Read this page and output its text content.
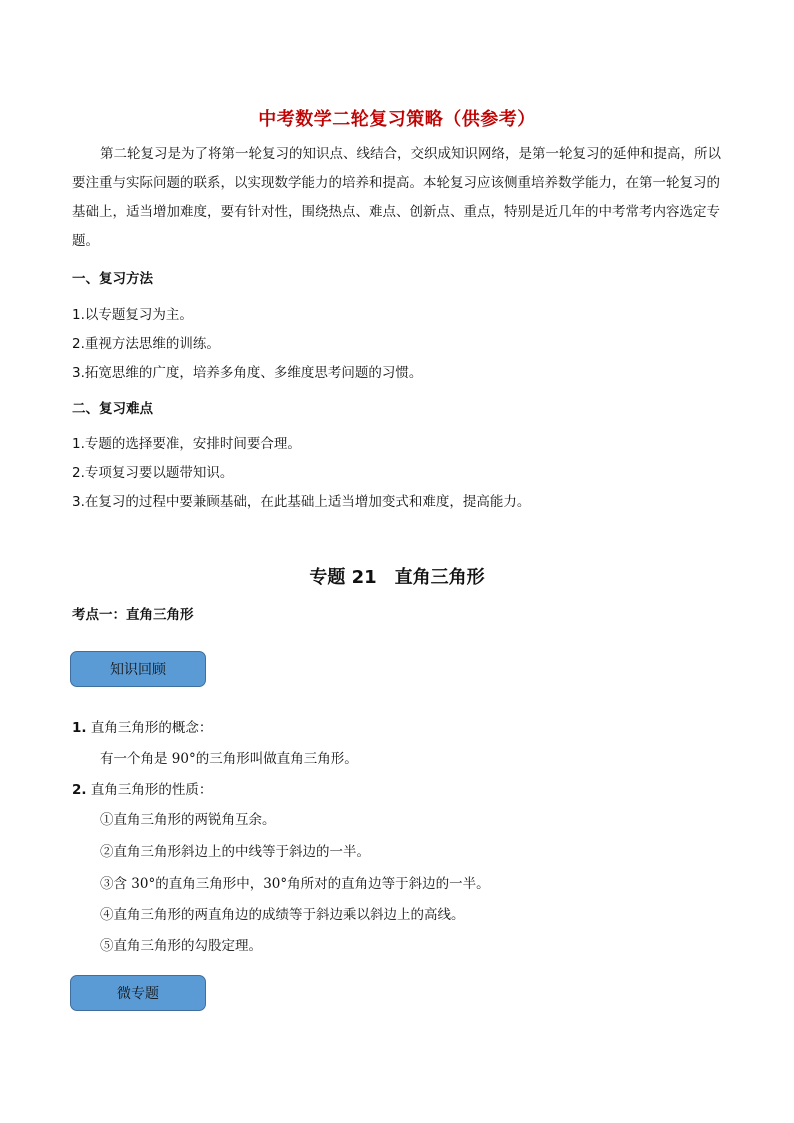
中考数学二轮复习策略（供参考）

第二轮复习是为了将第一轮复习的知识点、线结合，交织成知识网络，是第一轮复习的延伸和提高，所以要注重与实际问题的联系，以实现数学能力的培养和提高。本轮复习应该侧重培养数学能力，在第一轮复习的基础上，适当增加难度，要有针对性，围绕热点、难点、创新点、重点，特别是近几年的中考常考内容选定专题。

一、复习方法
1.以专题复习为主。
2.重视方法思维的训练。
3.拓宽思维的广度，培养多角度、多维度思考问题的习惯。
二、复习难点
1.专题的选择要准，安排时间要合理。
2.专项复习要以题带知识。
3.在复习的过程中要兼顾基础，在此基础上适当增加变式和难度，提高能力。
专题 21　直角三角形
考点一：直角三角形
知识回顾
1. 直角三角形的概念：
有一个角是 90°的三角形叫做直角三角形。
2. 直角三角形的性质：
①直角三角形的两锐角互余。
②直角三角形斜边上的中线等于斜边的一半。
③含 30°的直角三角形中，30°角所对的直角边等于斜边的一半。
④直角三角形的两直角边的成绩等于斜边乘以斜边上的高线。
⑤直角三角形的勾股定理。
微专题
